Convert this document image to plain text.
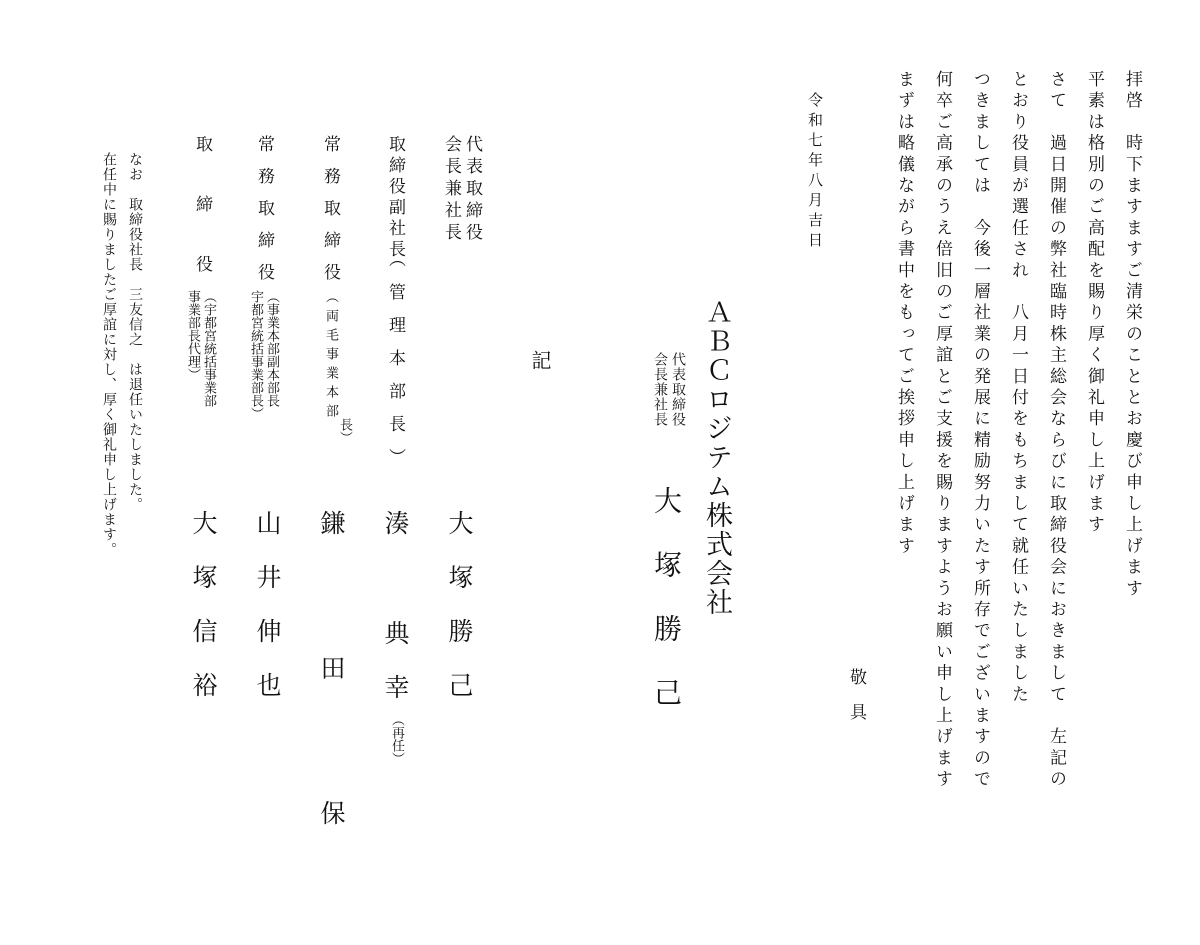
拝啓　時下ますますご清栄のこととお慶び申し上げます
平素は格別のご高配を賜り厚く御礼申し上げます
さて　過日開催の弊社臨時株主総会ならびに取締役会におきまして　左記の
とおり役員が選任され　八月一日付をもちまして就任いたしました
つきましては　今後一層社業の発展に精励努力いたす所存でございますので
何卒ご高承のうえ倍旧のご厚誼とご支援を賜りますようお願い申し上げます
まずは略儀ながら書中をもってご挨拶申し上げます
敬具
令和七年八月吉日
ＡＢＣロジテム株式会社
代表取締役
会長兼社長
大塚勝己
記
代表取締役
会長兼社長
大塚勝己
取締役副社長
（管理本部長）
湊
典幸
（再任）
常務取締役
（両毛事業本部
長）
鎌田保
常務取締役
（事業本部副本部長
宇都宮統括事業部長）
山井伸也
取締役
（宇都宮統括事業部
事業部長代理）
大塚信裕
なお　取締役社長　三友信之　は退任いたしました。
在任中に賜りましたご厚誼に対し、厚く御礼申し上げます。
